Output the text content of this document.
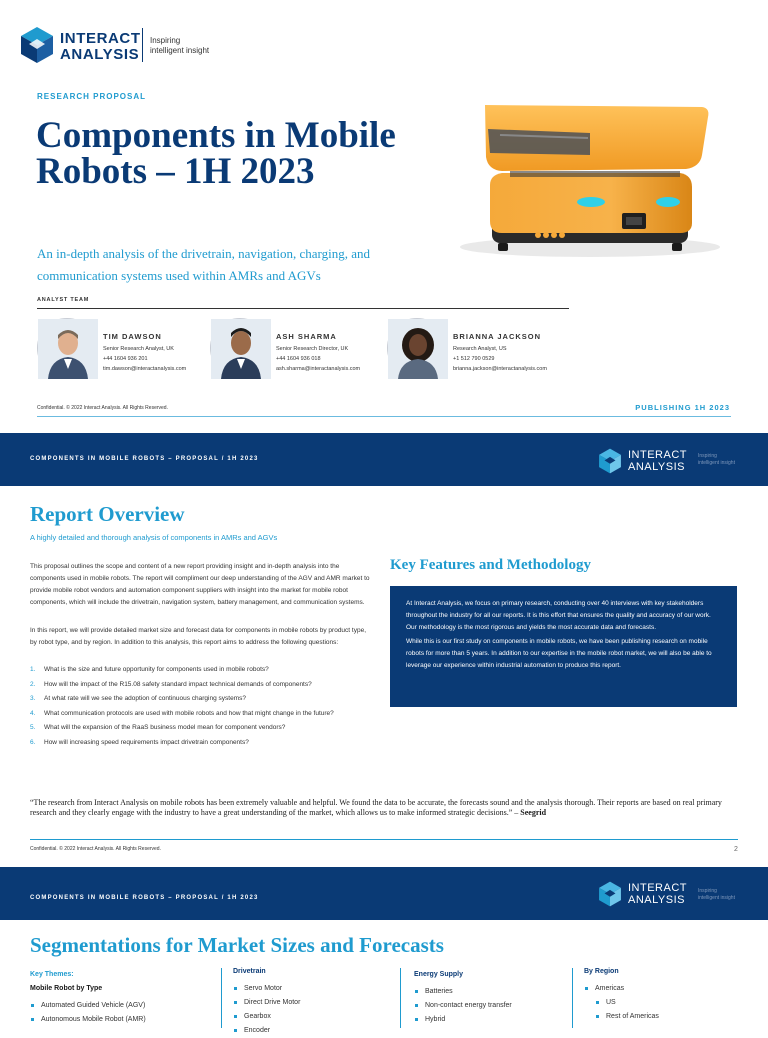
INTERACT
ANALYSIS
Inspiring
intelligent insight
RESEARCH PROPOSAL
Components in Mobile Robots – 1H 2023

An in-depth analysis of the drivetrain, navigation, charging, and communication systems used within AMRs and AGVs

ANALYST TEAM
TIM DAWSON
Senior Research Analyst, UK
+44 1604 936 201
tim.dawson@interactanalysis.com
ASH SHARMA
Senior Research Director, UK
+44 1604 936 018
ash.sharma@interactanalysis.com
BRIANNA JACKSON
Research Analyst, US
+1 512 790 0529
brianna.jackson@interactanalysis.com
Confidential. © 2022 Interact Analysis. All Rights Reserved.	PUBLISHING 1H 2023
COMPONENTS IN MOBILE ROBOTS – PROPOSAL / 1H 2023	INTERACT
ANALYSIS
Inspiring
intelligent insight
Report Overview
A highly detailed and thorough analysis of components in AMRs and AGVs

This proposal outlines the scope and content of a new report providing insight and in-depth analysis into the components used in mobile robots. The report will compliment our deep understanding of the AGV and AMR market to provide mobile robot vendors and automation component suppliers with insight into the market for mobile robot components, which will include the drivetrain, navigation system, battery management, and communication systems.

In this report, we will provide detailed market size and forecast data for components in mobile robots by product type, by robot type, and by region. In addition to this analysis, this report aims to address the following questions:

1. What is the size and future opportunity for components used in mobile robots?
2. How will the impact of the R15.08 safety standard impact technical demands of components?
3. At what rate will we see the adoption of continuous charging systems?
4. What communication protocols are used with mobile robots and how that might change in the future?
5. What will the expansion of the RaaS business model mean for component vendors?
6. How will increasing speed requirements impact drivetrain components?
Key Features and Methodology

At Interact Analysis, we focus on primary research, conducting over 40 interviews with key stakeholders throughout the industry for all our reports. It is this effort that ensures the quality and accuracy of our work. Our methodology is the most rigorous and yields the most accurate data and forecasts.

While this is our first study on components in mobile robots, we have been publishing research on mobile robots for more than 5 years. In addition to our expertise in the mobile robot market, we will also be able to leverage our experience within industrial automation to produce this report.

“The research from Interact Analysis on mobile robots has been extremely valuable and helpful. We found the data to be accurate, the forecasts sound and the analysis thorough. Their reports are based on real primary research and they clearly engage with the industry to have a great understanding of the market, which allows us to make informed strategic decisions.” – Seegrid

Confidential. © 2022 Interact Analysis. All Rights Reserved.	2
COMPONENTS IN MOBILE ROBOTS – PROPOSAL / 1H 2023
INTERACT
ANALYSIS
Inspiring
intelligent insight
Segmentations for Market Sizes and Forecasts
Key Themes:
Mobile Robot by Type
Automated Guided Vehicle (AGV)
Autonomous Mobile Robot (AMR)
Drivetrain
Servo Motor
Direct Drive Motor
Gearbox
Encoder
Energy Supply
Batteries
Non-contact energy transfer
Hybrid
By Region
Americas
US
Rest of Americas
